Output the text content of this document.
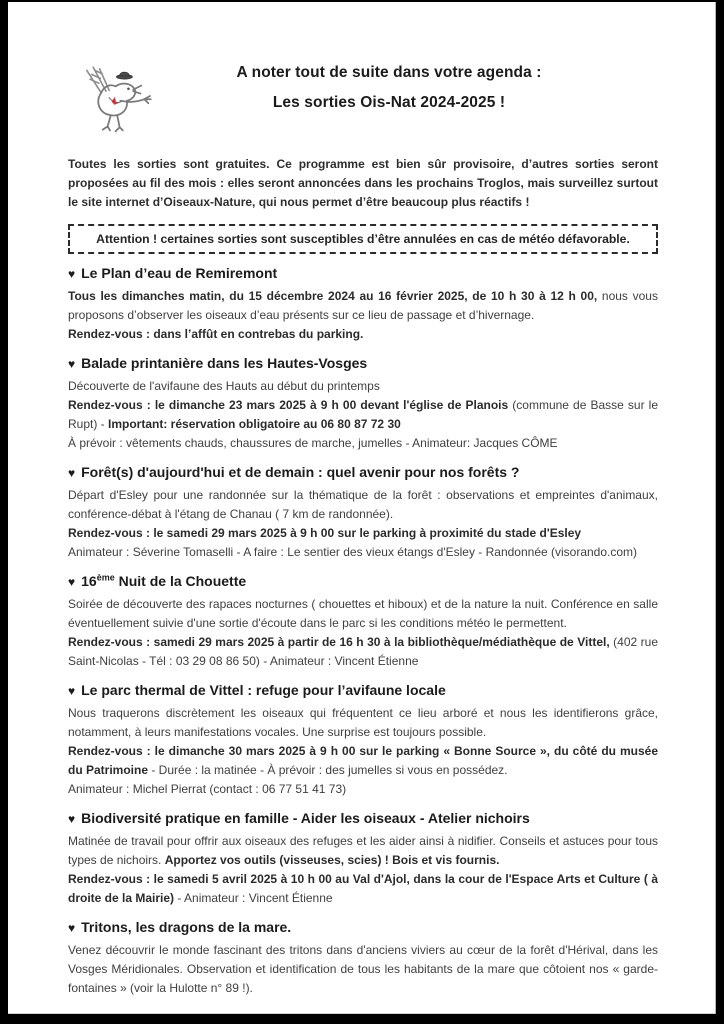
A noter tout de suite dans votre agenda :
Les sorties Ois-Nat 2024-2025 !

Toutes les sorties sont gratuites. Ce programme est bien sûr provisoire, d’autres sorties seront proposées au fil des mois : elles seront annoncées dans les prochains Troglos, mais surveillez surtout le site internet d’Oiseaux-Nature, qui nous permet d’être beaucoup plus réactifs !

Attention ! certaines sorties sont susceptibles d’être annulées en cas de météo défavorable.
♥ Le Plan d’eau de Remiremont

Tous les dimanches matin, du 15 décembre 2024 au 16 février 2025, de 10 h 30 à 12 h 00, nous vous proposons d’observer les oiseaux d’eau présents sur ce lieu de passage et d’hivernage.

Rendez-vous : dans l’affût en contrebas du parking.

♥ Balade printanière dans les Hautes-Vosges

Découverte de l'avifaune des Hauts au début du printemps

Rendez-vous : le dimanche 23 mars 2025 à 9 h 00 devant l'église de Planois (commune de Basse sur le Rupt) - Important: réservation obligatoire au 06 80 87 72 30

À prévoir : vêtements chauds, chaussures de marche, jumelles - Animateur: Jacques CÔME

♥ Forêt(s) d'aujourd'hui et de demain : quel avenir pour nos forêts ?

Départ d'Esley pour une randonnée sur la thématique de la forêt : observations et empreintes d'animaux, conférence-débat à l'étang de Chanau ( 7 km de randonnée).

Rendez-vous : le samedi 29 mars 2025 à 9 h 00 sur le parking à proximité du stade d'Esley

Animateur : Séverine Tomaselli - A faire : Le sentier des vieux étangs d'Esley - Randonnée (visorando.com)

♥ 16ème Nuit de la Chouette

Soirée de découverte des rapaces nocturnes ( chouettes et hiboux) et de la nature la nuit. Conférence en salle éventuellement suivie d'une sortie d'écoute dans le parc si les conditions météo le permettent.

Rendez-vous : samedi 29 mars 2025 à partir de 16 h 30 à la bibliothèque/médiathèque de Vittel, (402 rue Saint-Nicolas - Tél : 03 29 08 86 50) - Animateur : Vincent Étienne

♥ Le parc thermal de Vittel : refuge pour l’avifaune locale

Nous traquerons discrètement les oiseaux qui fréquentent ce lieu arboré et nous les identifierons grâce, notamment, à leurs manifestations vocales. Une surprise est toujours possible.

Rendez-vous : le dimanche 30 mars 2025 à 9 h 00 sur le parking « Bonne Source », du côté du musée du Patrimoine - Durée : la matinée - À prévoir : des jumelles si vous en possédez.

Animateur : Michel Pierrat (contact : 06 77 51 41 73)

♥ Biodiversité pratique en famille - Aider les oiseaux - Atelier nichoirs

Matinée de travail pour offrir aux oiseaux des refuges et les aider ainsi à nidifier. Conseils et astuces pour tous types de nichoirs. Apportez vos outils (visseuses, scies) ! Bois et vis fournis.

Rendez-vous : le samedi 5 avril 2025 à 10 h 00 au Val d'Ajol, dans la cour de l'Espace Arts et Culture ( à droite de la Mairie) - Animateur : Vincent Étienne

♥ Tritons, les dragons de la mare.

Venez découvrir le monde fascinant des tritons dans d'anciens viviers au cœur de la forêt d'Hérival, dans les Vosges Méridionales. Observation et identification de tous les habitants de la mare que côtoient nos « garde-fontaines » (voir la Hulotte n° 89 !).
